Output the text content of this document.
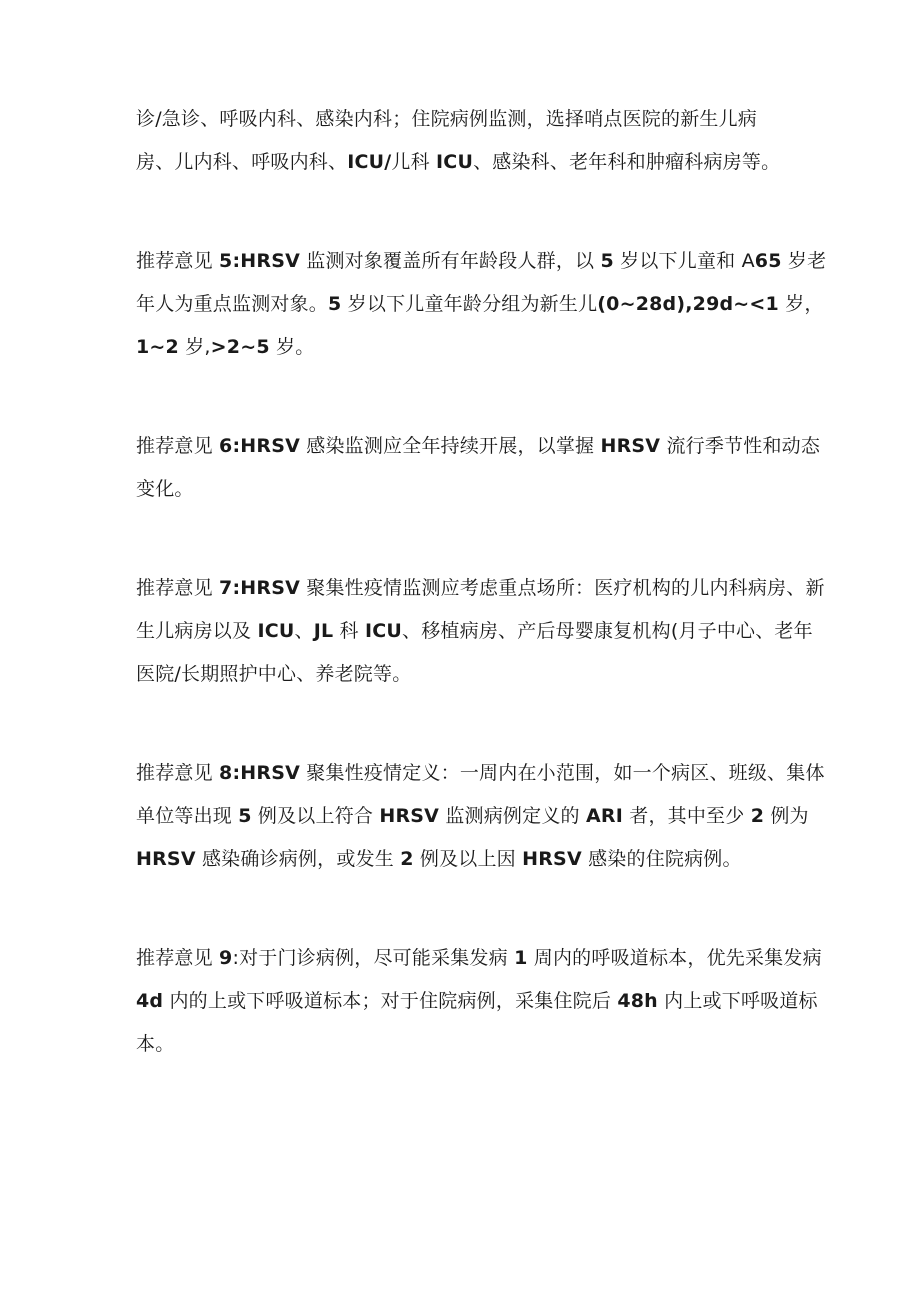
诊/急诊、呼吸内科、感染内科；住院病例监测，选择哨点医院的新生儿病
房、儿内科、呼吸内科、ICU/儿科 ICU、感染科、老年科和肿瘤科病房等。
推荐意见 5:HRSV 监测对象覆盖所有年龄段人群，以 5 岁以下儿童和 A65 岁老
年人为重点监测对象。5 岁以下儿童年龄分组为新生儿(0~28d),29d~<1 岁，
1~2 岁,>2~5 岁。
推荐意见 6:HRSV 感染监测应全年持续开展，以掌握 HRSV 流行季节性和动态
变化。
推荐意见 7:HRSV 聚集性疫情监测应考虑重点场所：医疗机构的儿内科病房、新
生儿病房以及 ICU、JL 科 ICU、移植病房、产后母婴康复机构(月子中心、老年
医院/长期照护中心、养老院等。
推荐意见 8:HRSV 聚集性疫情定义：一周内在小范围，如一个病区、班级、集体
单位等出现 5 例及以上符合 HRSV 监测病例定义的 ARI 者，其中至少 2 例为
HRSV 感染确诊病例，或发生 2 例及以上因 HRSV 感染的住院病例。
推荐意见 9:对于门诊病例，尽可能采集发病 1 周内的呼吸道标本，优先采集发病
4d 内的上或下呼吸道标本；对于住院病例，采集住院后 48h 内上或下呼吸道标
本。
